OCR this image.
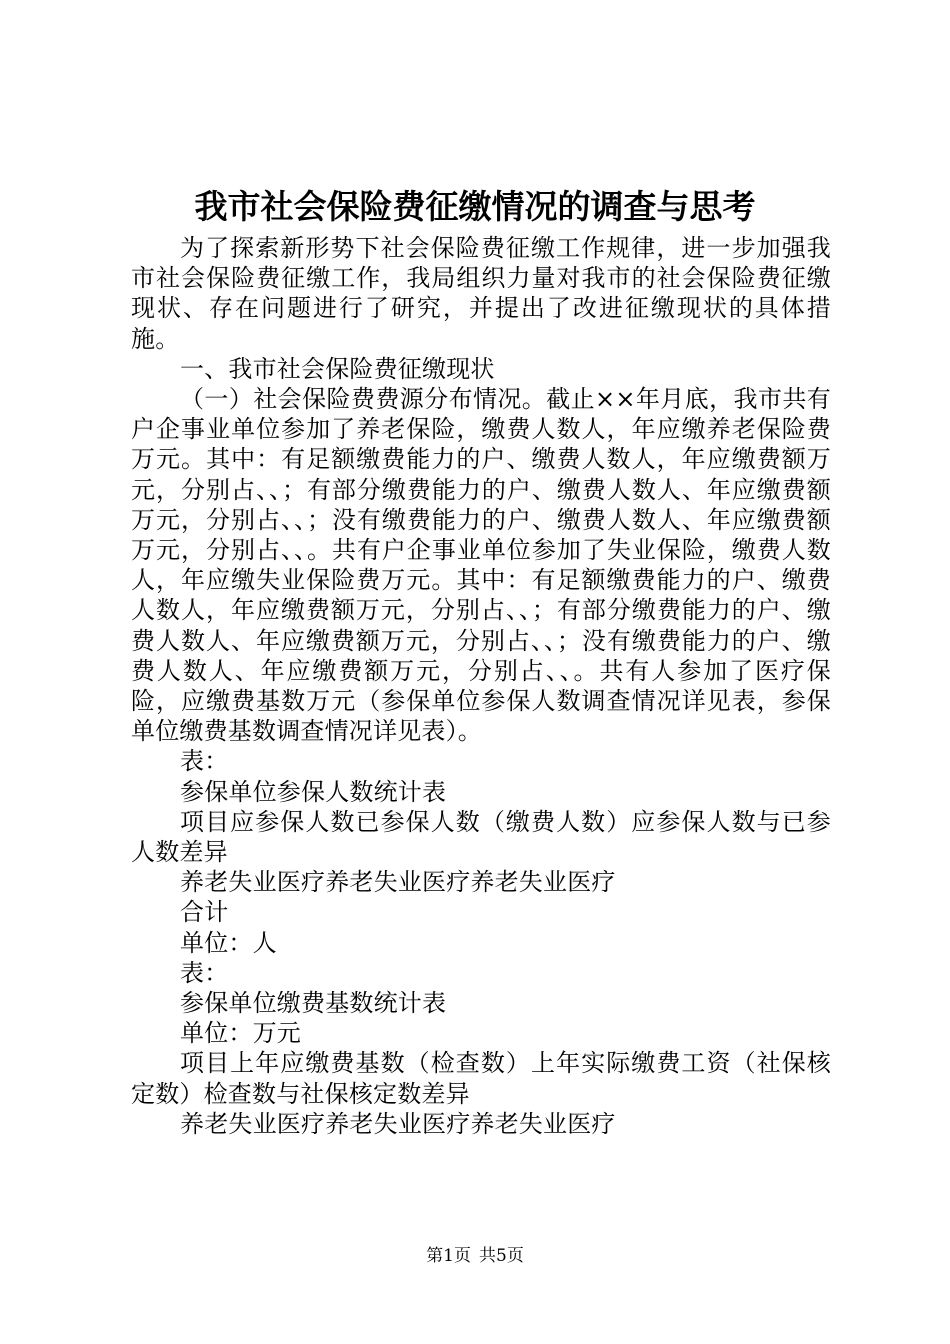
我市社会保险费征缴情况的调查与思考

为了探索新形势下社会保险费征缴工作规律，进一步加强我市社会保险费征缴工作，我局组织力量对我市的社会保险费征缴现状、存在问题进行了研究，并提出了改进征缴现状的具体措施。

一、我市社会保险费征缴现状

（一）社会保险费费源分布情况。截止××年月底，我市共有户企事业单位参加了养老保险，缴费人数人，年应缴养老保险费万元。其中：有足额缴费能力的户、缴费人数人，年应缴费额万元，分别占、、；有部分缴费能力的户、缴费人数人、年应缴费额万元，分别占、、；没有缴费能力的户、缴费人数人、年应缴费额万元，分别占、、。共有户企事业单位参加了失业保险，缴费人数人，年应缴失业保险费万元。其中：有足额缴费能力的户、缴费人数人，年应缴费额万元，分别占、、；有部分缴费能力的户、缴费人数人、年应缴费额万元，分别占、、；没有缴费能力的户、缴费人数人、年应缴费额万元，分别占、、。共有人参加了医疗保险，应缴费基数万元（参保单位参保人数调查情况详见表，参保单位缴费基数调查情况详见表）。

表：

参保单位参保人数统计表

项目应参保人数已参保人数（缴费人数）应参保人数与已参人数差异

养老失业医疗养老失业医疗养老失业医疗

合计

单位：人

表：

参保单位缴费基数统计表

单位：万元

项目上年应缴费基数（检查数）上年实际缴费工资（社保核定数）检查数与社保核定数差异

养老失业医疗养老失业医疗养老失业医疗

第1页 共5页
